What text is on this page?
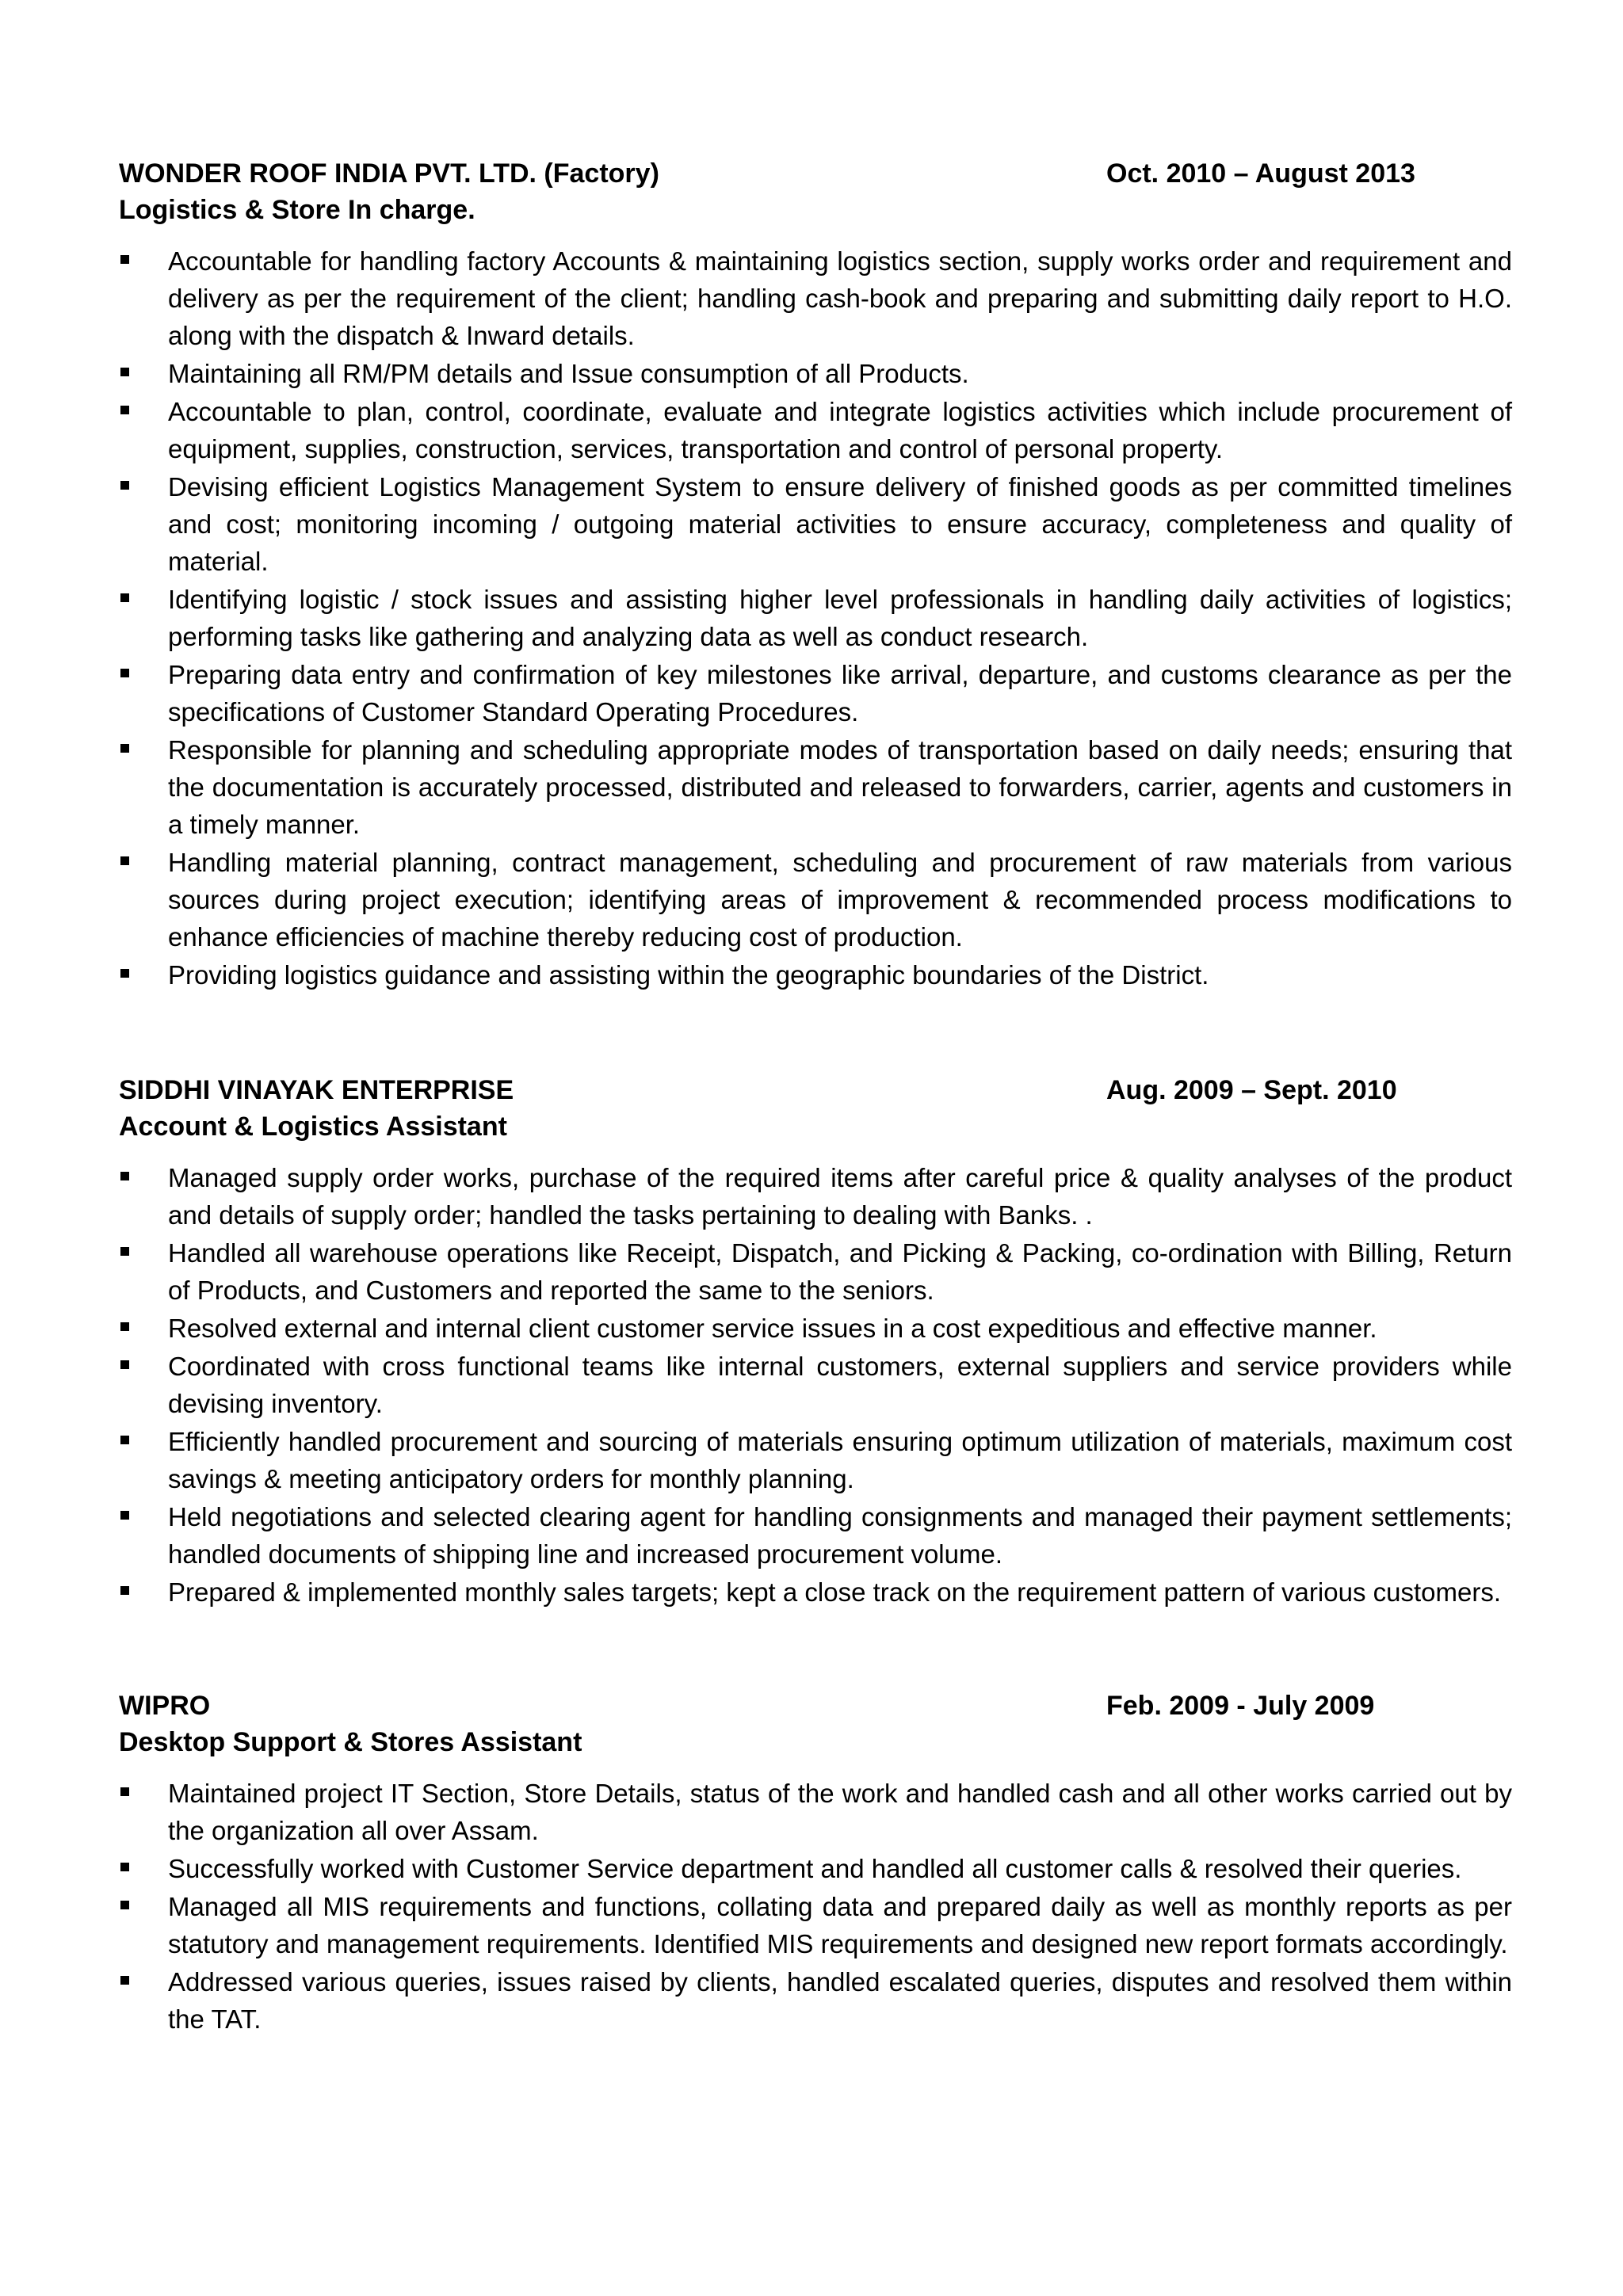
WONDER ROOF INDIA PVT. LTD. (Factory)	Oct. 2010 – August 2013
Logistics & Store In charge.
Accountable for handling factory Accounts & maintaining logistics section, supply works order and requirement and delivery as per the requirement of the client; handling cash-book and preparing and submitting daily report to H.O. along with the dispatch & Inward details.
Maintaining all RM/PM details and Issue consumption of all Products.
Accountable to plan, control, coordinate, evaluate and integrate logistics activities which include procurement of equipment, supplies, construction, services, transportation and control of personal property.
Devising efficient Logistics Management System to ensure delivery of finished goods as per committed timelines and cost; monitoring incoming / outgoing material activities to ensure accuracy, completeness and quality of material.
Identifying logistic / stock issues and assisting higher level professionals in handling daily activities of logistics; performing tasks like gathering and analyzing data as well as conduct research.
Preparing data entry and confirmation of key milestones like arrival, departure, and customs clearance as per the specifications of Customer Standard Operating Procedures.
Responsible for planning and scheduling appropriate modes of transportation based on daily needs; ensuring that the documentation is accurately processed, distributed and released to forwarders, carrier, agents and customers in a timely manner.
Handling material planning, contract management, scheduling and procurement of raw materials from various sources during project execution; identifying areas of improvement & recommended process modifications to enhance efficiencies of machine thereby reducing cost of production.
Providing logistics guidance and assisting within the geographic boundaries of the District.
SIDDHI VINAYAK ENTERPRISE	Aug. 2009 – Sept. 2010
Account & Logistics Assistant
Managed supply order works, purchase of the required items after careful price & quality analyses of the product and details of supply order; handled the tasks pertaining to dealing with Banks. .
Handled all warehouse operations like Receipt, Dispatch, and Picking & Packing, co-ordination with Billing, Return of Products, and Customers and reported the same to the seniors.
Resolved external and internal client customer service issues in a cost expeditious and effective manner.
Coordinated with cross functional teams like internal customers, external suppliers and service providers while devising inventory.
Efficiently handled procurement and sourcing of materials ensuring optimum utilization of materials, maximum cost savings & meeting anticipatory orders for monthly planning.
Held negotiations and selected clearing agent for handling consignments and managed their payment settlements; handled documents of shipping line and increased procurement volume.
Prepared & implemented monthly sales targets; kept a close track on the requirement pattern of various customers.
WIPRO	Feb. 2009 - July 2009
Desktop Support & Stores Assistant
Maintained project IT Section, Store Details, status of the work and handled cash and all other works carried out by the organization all over Assam.
Successfully worked with Customer Service department and handled all customer calls & resolved their queries.
Managed all MIS requirements and functions, collating data and prepared daily as well as monthly reports as per statutory and management requirements. Identified MIS requirements and designed new report formats accordingly.
Addressed various queries, issues raised by clients, handled escalated queries, disputes and resolved them within the TAT.
